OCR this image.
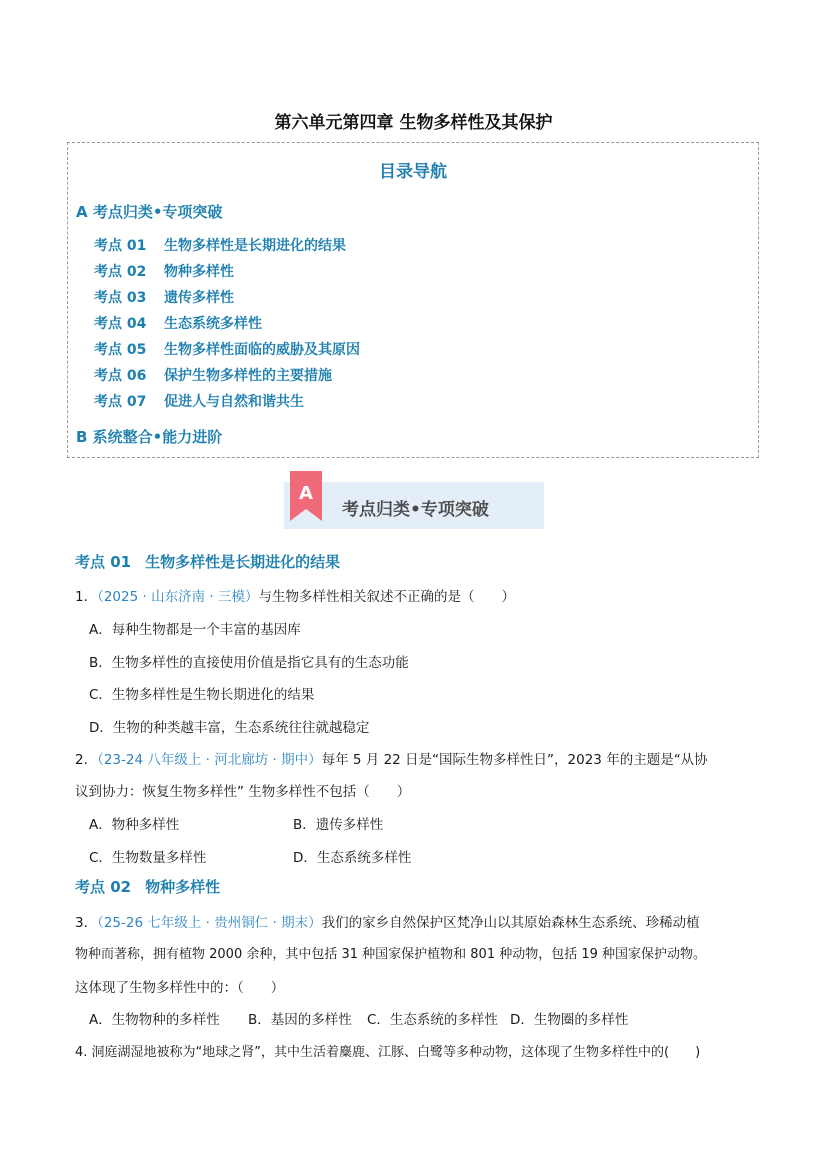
第六单元第四章 生物多样性及其保护
目录导航
A 考点归类•专项突破
考点 01 生物多样性是长期进化的结果
考点 02 物种多样性
考点 03 遗传多样性
考点 04 生态系统多样性
考点 05 生物多样性面临的威胁及其原因
考点 06 保护生物多样性的主要措施
考点 07 促进人与自然和谐共生
B 系统整合•能力进阶
A
考点归类•专项突破
考点 01 生物多样性是长期进化的结果
1．（2025 · 山东济南 · 三模）与生物多样性相关叙述不正确的是（　　）
A．每种生物都是一个丰富的基因库
B．生物多样性的直接使用价值是指它具有的生态功能
C．生物多样性是生物长期进化的结果
D．生物的种类越丰富，生态系统往往就越稳定
2．（23-24 八年级上 · 河北廊坊 · 期中）每年 5 月 22 日是“国际生物多样性日”，2023 年的主题是“从协
议到协力：恢复生物多样性” 生物多样性不包括（　　）
A．物种多样性	B．遗传多样性
C．生物数量多样性	D．生态系统多样性
考点 02 物种多样性
3．（25-26 七年级上 · 贵州铜仁 · 期末）我们的家乡自然保护区梵净山以其原始森林生态系统、珍稀动植
物种而著称，拥有植物 2000 余种，其中包括 31 种国家保护植物和 801 种动物，包括 19 种国家保护动物。
这体现了生物多样性中的：（　　）
A．生物物种的多样性 B．基因的多样性 C．生态系统的多样性 D．生物圈的多样性
4. 洞庭湖湿地被称为“地球之肾”，其中生活着麋鹿、江豚、白鹭等多种动物，这体现了生物多样性中的(　　)
